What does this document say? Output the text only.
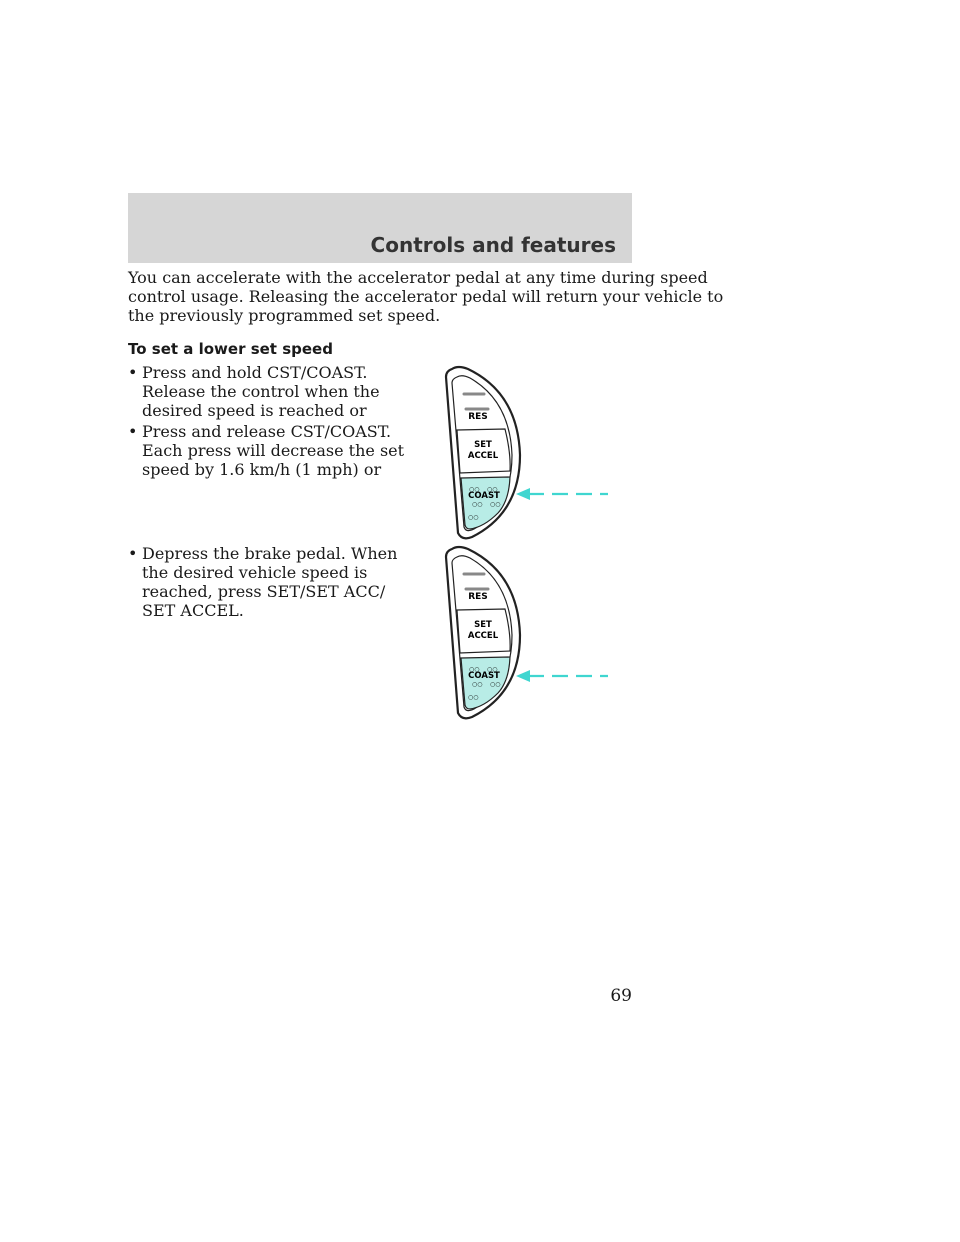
Controls and features
You can accelerate with the accelerator pedal at any time during speed
control usage. Releasing the accelerator pedal will return your vehicle to
the previously programmed set speed.
To set a lower set speed
• Press and hold CST/COAST.
Release the control when the
desired speed is reached or
• Press and release CST/COAST.
Each press will decrease the set
speed by 1.6 km/h (1 mph) or
• Depress the brake pedal. When
the desired vehicle speed is
reached, press SET/SET ACC/
SET ACCEL.
RES
SET
ACCEL
○○ ○○
COAST
○○ ○○
○○
RES
SET
ACCEL
○○ ○○
COAST
○○ ○○
○○
69
